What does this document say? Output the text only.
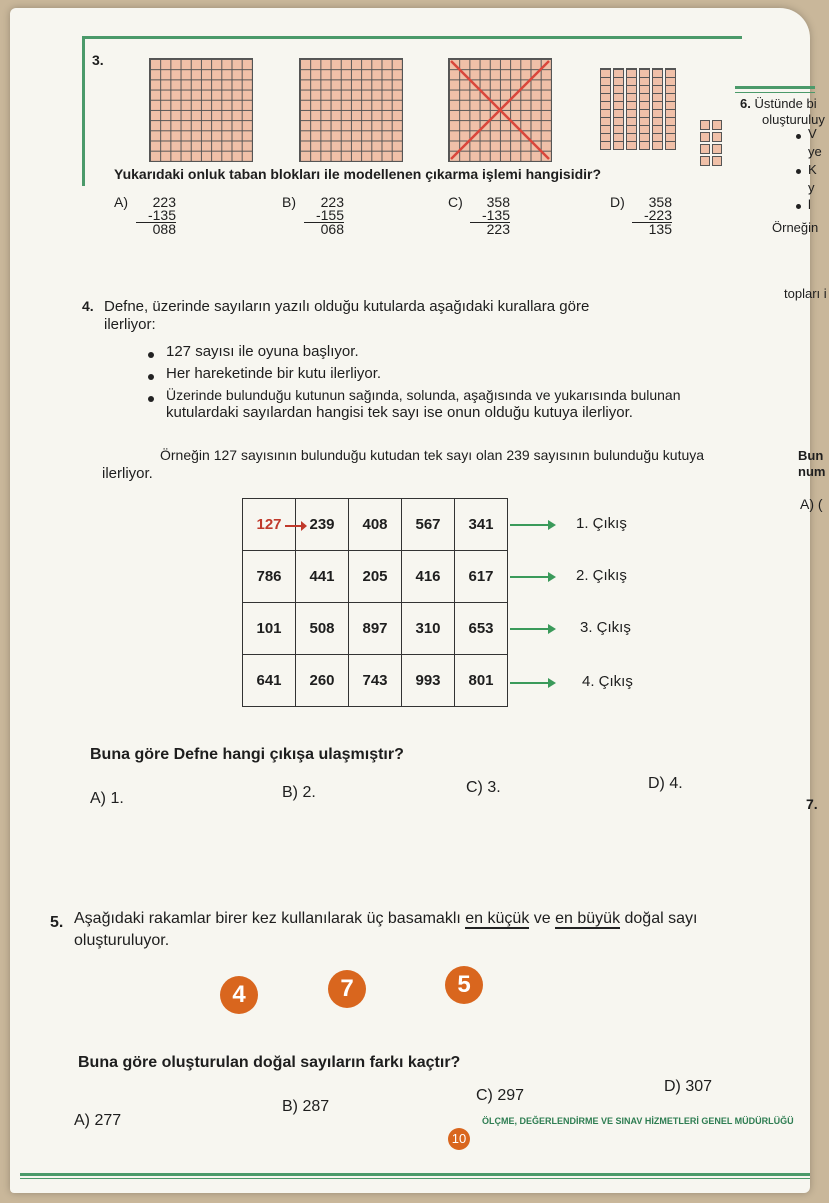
3.
Yukarıdaki onluk taban blokları ile modellenen çıkarma işlemi hangisidir?
A)	223
-135
088
B)	223
-155
068
C)	358
-135
223
D)	358
-223
135
4. Defne, üzerinde sayıların yazılı olduğu kutularda aşağıdaki kurallara göre
ilerliyor:
127 sayısı ile oyuna başlıyor.
Her hareketinde bir kutu ilerliyor.
Üzerinde bulunduğu kutunun sağında, solunda, aşağısında ve yukarısında bulunan
kutulardaki sayılardan hangisi tek sayı ise onun olduğu kutuya ilerliyor.
Örneğin 127 sayısının bulunduğu kutudan tek sayı olan 239 sayısının bulunduğu kutuya
ilerliyor.
127	239	408	567	341
786	441	205	416	617
101	508	897	310	653
641	260	743	993	801
1. Çıkış
2. Çıkış
3. Çıkış
4. Çıkış
Buna göre Defne hangi çıkışa ulaşmıştır?
A) 1.	B) 2.	C) 3.	D) 4.
5. Aşağıdaki rakamlar birer kez kullanılarak üç basamaklı en küçük ve en büyük doğal sayı
oluşturuluyor.
4	7	5
Buna göre oluşturulan doğal sayıların farkı kaçtır?
A) 277
B) 287
C) 297
D) 307
ÖLÇME, DEĞERLENDİRME VE SINAV HİZMETLERİ GENEL MÜDÜRLÜĞÜ
10
6. Üstünde bi
oluşturuluy
V
ye
K
y
l
Örneğin
topları i
Bun
num
A) (
7.
